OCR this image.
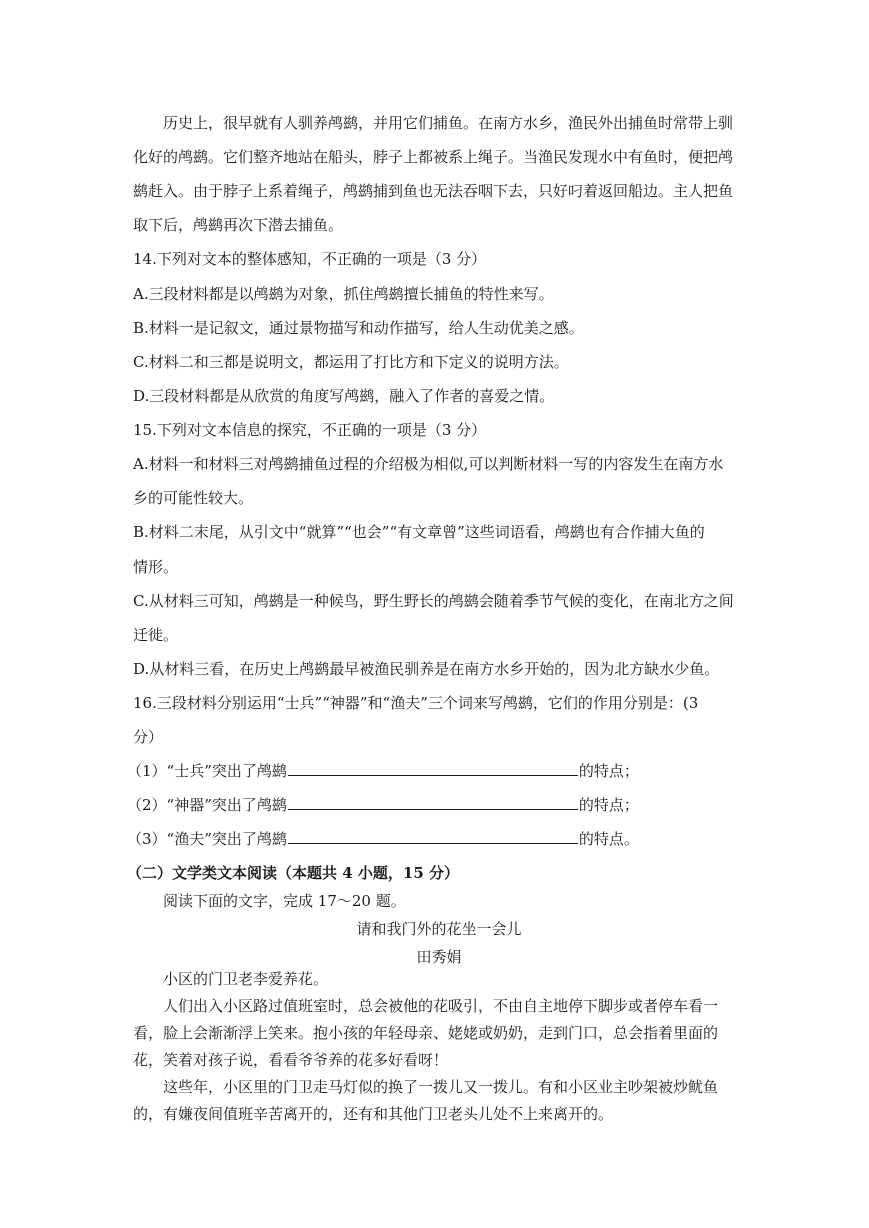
历史上，很早就有人驯养鸬鹚，并用它们捕鱼。在南方水乡，渔民外出捕鱼时常带上驯
化好的鸬鹚。它们整齐地站在船头，脖子上都被系上绳子。当渔民发现水中有鱼时，便把鸬
鹚赶入。由于脖子上系着绳子，鸬鹚捕到鱼也无法吞咽下去，只好叼着返回船边。主人把鱼
取下后，鸬鹚再次下潜去捕鱼。
14.下列对文本的整体感知，不正确的一项是（3 分）
A.三段材料都是以鸬鹚为对象，抓住鸬鹚擅长捕鱼的特性来写。
B.材料一是记叙文，通过景物描写和动作描写，给人生动优美之感。
C.材料二和三都是说明文，都运用了打比方和下定义的说明方法。
D.三段材料都是从欣赏的角度写鸬鹚，融入了作者的喜爱之情。
15.下列对文本信息的探究，不正确的一项是（3 分）
A.材料一和材料三对鸬鹚捕鱼过程的介绍极为相似,可以判断材料一写的内容发生在南方水
乡的可能性较大。
B.材料二末尾，从引文中“就算”“也会”“有文章曾”这些词语看，鸬鹚也有合作捕大鱼的
情形。
C.从材料三可知，鸬鹚是一种候鸟，野生野长的鸬鹚会随着季节气候的变化，在南北方之间
迁徙。
D.从材料三看，在历史上鸬鹚最早被渔民驯养是在南方水乡开始的，因为北方缺水少鱼。
16.三段材料分别运用“士兵”“神器”和“渔夫”三个词来写鸬鹚，它们的作用分别是：(3
分）
（1）“士兵”突出了鸬鹚	的特点；
（2）“神器”突出了鸬鹚	的特点；
（3）“渔夫”突出了鸬鹚	的特点。
（二）文学类文本阅读（本题共 4 小题，15 分）
阅读下面的文字，完成 17～20 题。
请和我门外的花坐一会儿
田秀娟

小区的门卫老李爱养花。

人们出入小区路过值班室时，总会被他的花吸引，不由自主地停下脚步或者停车看一看，脸上会渐渐浮上笑来。抱小孩的年轻母亲、姥姥或奶奶，走到门口，总会指着里面的花，笑着对孩子说，看看爷爷养的花多好看呀！

这些年，小区里的门卫走马灯似的换了一拨儿又一拨儿。有和小区业主吵架被炒鱿鱼的，有嫌夜间值班辛苦离开的，还有和其他门卫老头儿处不上来离开的。
